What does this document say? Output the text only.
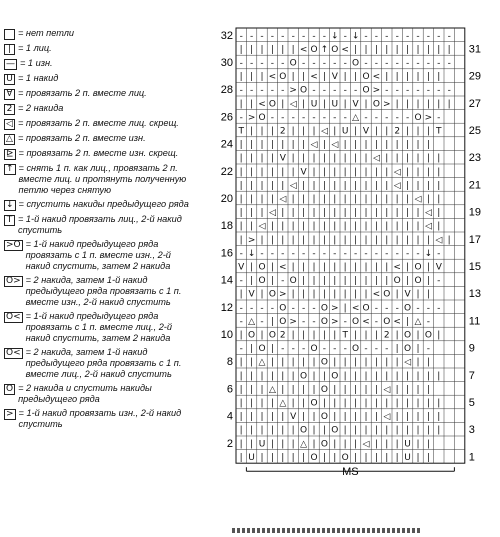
= нет петли
| = 1 лиц.
— = 1 изн.
U = 1 накид
∀ = провязать 2 п. вместе лиц.
2 = 2 накида
◁ = провязать 2 п. вместе лиц. скрещ.
△ = провязать 2 п. вместе изн.
⊵ = провязать 2 п. вместе изн. скрещ.
↑ = снять 1 п. как лиц., провязать 2 п. вместе лиц. и протянуть полученную петлю через снятую
↓ = спустить накиды предыдущего ряда
T = 1-й накид провязать лиц., 2-й накид спустить
>O = 1-й накид предыдущего ряда провязать с 1 п. вместе изн., 2-й накид спустить, затем 2 накида
O> = 2 накида, затем 1-й накид предыдущего ряда провязать с 1 п. вместе изн., 2-й накид спустить
O< = 1-й накид предыдущего ряда провязать с 1 п. вместе лиц., 2-й накид спустить, затем 2 накида
O< = 2 накида, затем 1-й накид предыдущего ряда провязать с 1 п. вместе лиц., 2-й накид спустить
O = 2 накида и спустить накиды предыдущего ряда
> = 1-й накид провязать изн., 2-й накид спустить
- - - - - - - - - ↓ - ↓ - - - - - - - - -
| | | | | | < O ↑ O < | | | | | | | | | |
- - - - - O - - - - - O - - - - - - - - -
| | | < O | | < | V | | O < | | | | | |
- - - - - > O - - - - - O > - - - - - - -
| | < O | ◁ | U | U | V | O > | | | | | |
- > O - - - - - - - - △ - - - - - O > -
T | | | 2 | | | ◁ | U | V | | 2 | | | T
| | | | | | | ◁ | ◁ | | | | | | | | |
| | | | V | | | | | | | | ◁ | | | | | |
| | | | | | V | | | | | | | | ◁ | | | |
| | | | | ◁ | | | | | | | | | ◁ | | | |
| | | | ◁ | | | | | | | | | | | | ◁ | |
| | | ◁ | | | | | | | | | | | | | | ◁ |
| | ◁ | | | | | | | | | | | | | | | ◁ |
| > | | | | | | | | | | | | | | | | | ◁ |
- ↓ - - - - - - - - - - - - - - - - ↓ -
V | O | < | | | | | | | | | | < | O | V
- | O | - O | | | | | | | | | O | O | -
| V | O > | | | | | | | | < O | V | |
- - - - O - - - O > | < O - - - O - - -
- △ - | O > - - O > - O < - O < | △ -
| O | O 2 | | | | | T | | | 2 | O | O |
- | O | - - - O - - - O - - - | O | -
| | △ | | | | | O | | | | | | | ◁ | |
| | | | | | O | | O | | | | | | | | | |
| | | △ | | | | O | | | | | ◁ | | | |
| | | | △ | | O | | | | | | | | | | | |
| | | | | V | | O | | | | | ◁ | | | | |
| | | | | | O | | O | | | | | | | | | |
| | U | | | △ | O | | | ◁ | | | U | |
| U | | | | | O | | O | | | | | U | |
32
30
28
26
24
22
20
18
16
14
12
10
8
6
4
2
31
29
27
25
23
21
19
17
15
13
11
9
7
5
3
1
MS
